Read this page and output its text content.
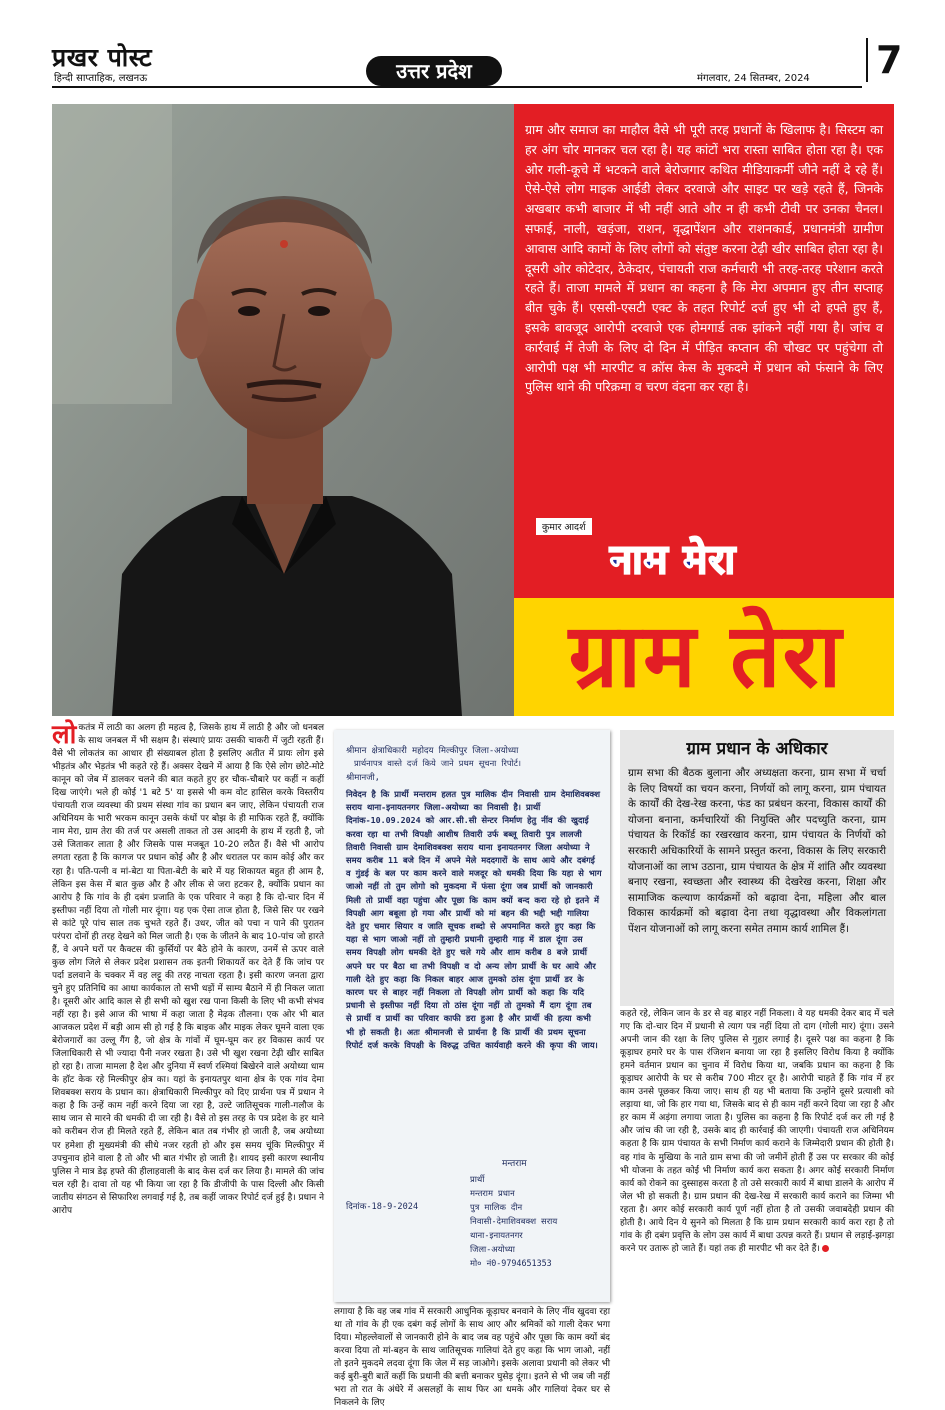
प्रखर पोस्ट
हिन्दी साप्ताहिक, लखनऊ	उत्तर प्रदेश	मंगलवार, 24 सितम्बर, 2024 7
ग्राम और समाज का माहौल वैसे भी पूरी तरह प्रधानों के खिलाफ है। सिस्टम का हर अंग चोर मानकर चल रहा है। यह कांटों भरा रास्ता साबित होता रहा है। एक ओर गली-कूचे में भटकने वाले बेरोजगार कथित मीडियाकर्मी जीने नहीं दे रहे हैं। ऐसे-ऐसे लोग माइक आईडी लेकर दरवाजे और साइट पर खड़े रहते हैं, जिनके अखबार कभी बाजार में भी नहीं आते और न ही कभी टीवी पर उनका चैनल। सफाई, नाली, खड़ंजा, राशन, वृद्धापेंशन और राशनकार्ड, प्रधानमंत्री ग्रामीण आवास आदि कामों के लिए लोगों को संतुष्ट करना टेढ़ी खीर साबित होता रहा है। दूसरी ओर कोटेदार, ठेकेदार, पंचायती राज कर्मचारी भी तरह-तरह परेशान करते रहते हैं। ताजा मामले में प्रधान का कहना है कि मेरा अपमान हुए तीन सप्ताह बीत चुके हैं। एससी-एसटी एक्ट के तहत रिपोर्ट दर्ज हुए भी दो हफ्ते हुए हैं, इसके बावजूद आरोपी दरवाजे एक होमगार्ड तक झांकने नहीं गया है। जांच व कार्रवाई में तेजी के लिए दो दिन में पीड़ित कप्तान की चौखट पर पहुंचेगा तो आरोपी पक्ष भी मारपीट व क्रॉस केस के मुकदमे में प्रधान को फंसाने के लिए पुलिस थाने की परिक्रमा व चरण वंदना कर रहा है।
कुमार आदर्श
नाम मेरा
ग्राम तेरा
लोकतंत्र में लाठी का अलग ही महत्व है, जिसके हाथ में लाठी है और जो धनबल के साथ जनबल में भी सक्षम है। संस्थाएं प्रायः उसकी चाकरी में जुटी रहती हैं। वैसे भी लोकतंत्र का आधार ही संख्याबल होता है इसलिए अतीत में प्रायः लोग इसे भीड़तंत्र और भेड़तंत्र भी कहते रहे हैं। अक्सर देखने में आया है कि ऐसे लोग छोटे-मोटे कानून को जेब में डालकर चलने की बात कहते हुए हर चौक-चौबारे पर कहीं न कहीं दिख जाएंगे। भले ही कोई '1 बटे 5' या इससे भी कम वोट हासिल करके विस्तरीय पंचायती राज व्यवस्था की प्रथम संस्था गांव का प्रधान बन जाए, लेकिन पंचायती राज अधिनियम के भारी भरकम कानून उसके कंधों पर बोझ के ही माफिक रहते हैं, क्योंकि नाम मेरा, ग्राम तेरा की तर्ज पर असली ताकत तो उस आदमी के हाथ में रहती है, जो उसे जिताकर लाता है और जिसके पास मजबूत 10-20 लठैत हैं। वैसे भी आरोप लगता रहता है कि कागज पर प्रधान कोई और है और धरातल पर काम कोई और कर रहा है। पति-पत्नी व मां-बेटा या पिता-बेटी के बारे में यह शिकायत बहुत ही आम है, लेकिन इस केस में बात कुछ और है और लीक से जरा हटकर है, क्योंकि प्रधान का आरोप है कि गांव के ही दबंग प्रजाति के एक परिवार ने कहा है कि दो-चार दिन में इस्तीफा नहीं दिया तो गोली मार दूंगा। यह एक ऐसा ताज होता है, जिसे सिर पर रखने से कांटे पूरे पांच साल तक चुभते रहते हैं। उधर, जीत को पचा न पाने की पुरातन परंपरा दोनों ही तरह देखने को मिल जाती है। एक के जीतने के बाद 10-पांच जो हारते हैं, वे अपने घरों पर कैक्टस की कुर्सियों पर बैठे होने के कारण, उनमें से ऊपर वाले कुछ लोग जिले से लेकर प्रदेश प्रशासन तक इतनी शिकायतें कर देते हैं कि जांच पर पर्दा डलवाने के चक्कर में वह लट्टू की तरह नाचता रहता है। इसी कारण जनता द्वारा चुने हुए प्रतिनिधि का आधा कार्यकाल तो सभी धड़ों में साम्य बैठाने में ही निकल जाता है। दूसरी ओर आदि काल से ही सभी को खुश रख पाना किसी के लिए भी कभी संभव नहीं रहा है। इसे आज की भाषा में कहा जाता है मेढ़क तौलना। एक ओर भी बात आजकल प्रदेश में बड़ी आम सी हो गई है कि बाइक और माइक लेकर घूमने वाला एक बेरोजगारों का उल्लू गैंग है, जो क्षेत्र के गांवों में घूम-घूम कर हर विकास कार्य पर जिलाधिकारी से भी ज्यादा पैनी नजर रखता है। उसे भी खुश रखना टेढ़ी खीर साबित हो रहा है। ताजा मामला है देश और दुनिया में स्वर्ण रश्मियां बिखेरने वाले अयोध्या धाम के हॉट केक रहे मिल्कीपुर क्षेत्र का। यहां के इनायतपुर थाना क्षेत्र के एक गांव देमा शिवबक्श सराय के प्रधान का। क्षेत्राधिकारी मिल्कीपुर को दिए प्रार्थना पत्र में प्रधान ने कहा है कि उन्हें काम नहीं करने दिया जा रहा है, उल्टे जातिसूचक गाली-गलौज के साथ जान से मारने की धमकी दी जा रही है। वैसे तो इस तरह के पत्र प्रदेश के हर थाने को करीबन रोज ही मिलते रहते हैं, लेकिन बात तब गंभीर हो जाती है, जब अयोध्या पर हमेशा ही मुख्यमंत्री की सीधे नजर रहती हो और इस समय चूंकि मिल्कीपुर में उपचुनाव होने वाला है तो और भी बात गंभीर हो जाती है। शायद इसी कारण स्थानीय पुलिस ने मात्र डेढ़ हफ्ते की हीलाहवाली के बाद केस दर्ज कर लिया है। मामले की जांच चल रही है। दावा तो यह भी किया जा रहा है कि डीजीपी के पास दिल्ली और किसी जातीय संगठन से सिफारिश लगवाई गई है, तब कहीं जाकर रिपोर्ट दर्ज हुई है। प्रधान ने आरोप
श्रीमान क्षेत्राधिकारी महोदय मिल्कीपुर जिला-अयोध्या
प्रार्थनापत्र वास्ते दर्ज किये जाने प्रथम सूचना रिपोर्ट।
श्रीमानजी,
निवेदन है कि प्रार्थी मन्तराम हलत पुत्र मालिक दीन निवासी ग्राम देमाशिवबक्श सराय थाना-इनायतनगर जिला-अयोध्या का निवासी है। प्रार्थी दिनांक-10.09.2024 को आर.सी.सी सेन्टर निर्माण हेतु नींव की खुदाई करवा रहा था तभी विपक्षी आशीष तिवारी उर्फ बब्लू तिवारी पुत्र लालजी तिवारी निवासी ग्राम देमाशिवबक्श सराय थाना इनायतनगर जिला अयोध्या ने समय करीब 11 बजे दिन में अपने मेले मददगारों के साथ आये और दबंगई व गुंडई के बल पर काम करने वाले मजदूर को धमकी दिया कि यहा से भाग जाओ नहीं तो तुम लोगो को मुकदमा में फंसा दूंगा जब प्रार्थी को जानकारी मिली तो प्रार्थी वहा पहुंचा और पूछा कि काम क्यों बन्द करा रहे हो इतने में विपक्षी आग बबूला हो गया और प्रार्थी को मां बहन की भद्दी भद्दी गालिया देते हुए चमार सियार व जाति सूचक शब्दो से अपमानित करते हुए कहा कि यहा से भाग जाओ नहीं तो तुम्हारी प्रधानी तुम्हारी गाड़ में डाल दूंगा उस समय विपक्षी लोग धमकी देते हुए चले गये और शाम करीब 8 बजे प्रार्थी अपने घर पर बैठा था तभी विपक्षी व दो अन्य लोग प्रार्थी के घर आये और गाली देते हुए कहा कि निकल बाहर आज तुमको ठांस दूंगा प्रार्थी डर के कारण घर से बाहर नहीं निकला तो विपक्षी लोग प्रार्थी को कहा कि यदि प्रधानी से इस्तीफा नहीं दिया तो ठांस दूंगा नहीं तो तुमको मैं दाग दूंगा तब से प्रार्थी व प्रार्थी का परिवार काफी डरा हुआ है और प्रार्थी की हत्या कभी भी हो सकती है। अतः श्रीमानजी से प्रार्थना है कि प्रार्थी की प्रथम सूचना रिपोर्ट दर्ज करके विपक्षी के विरुद्ध उचित कार्यवाही करने की कृपा की जाय।
मन्तराम
दिनांक-18-9-2024
प्रार्थी
मन्तराम प्रधान
पुत्र मालिक दीन
निवासी-देमाशिवबक्श सराय
थाना-इनायतनगर
जिला-अयोध्या
मो० नं0-9794651353
लगाया है कि वह जब गांव में सरकारी आधुनिक कूड़ाघर बनवाने के लिए नींव खुदवा रहा था तो गांव के ही एक दबंग कई लोगों के साथ आए और श्रमिकों को गाली देकर भगा दिया। मोहल्लेवालों से जानकारी होने के बाद जब वह पहुंचे और पूछा कि काम क्यों बंद करवा दिया तो मां-बहन के साथ जातिसूचक गालियां देते हुए कहा कि भाग जाओ, नहीं तो इतने मुकदमे लदवा दूंगा कि जेल में सड़ जाओगे। इसके अलावा प्रधानी को लेकर भी कई बुरी-बुरी बातें कहीं कि प्रधानी की बत्ती बनाकर घुसेड़ दूंगा। इतने से भी जब जी नहीं भरा तो रात के अंधेरे में असलहों के साथ फिर आ धमके और गालियां देकर घर से निकलने के लिए
ग्राम प्रधान के अधिकार
ग्राम सभा की बैठक बुलाना और अध्यक्षता करना, ग्राम सभा में चर्चा के लिए विषयों का चयन करना, निर्णयों को लागू करना, ग्राम पंचायत के कार्यों की देख-रेख करना, फंड का प्रबंधन करना, विकास कार्यों की योजना बनाना, कर्मचारियों की नियुक्ति और पदच्युति करना, ग्राम पंचायत के रिकॉर्ड का रखरखाव करना, ग्राम पंचायत के निर्णयों को सरकारी अधिकारियों के सामने प्रस्तुत करना, विकास के लिए सरकारी योजनाओं का लाभ उठाना, ग्राम पंचायत के क्षेत्र में शांति और व्यवस्था बनाए रखना, स्वच्छता और स्वास्थ्य की देखरेख करना, शिक्षा और सामाजिक कल्याण कार्यक्रमों को बढ़ावा देना, महिला और बाल विकास कार्यक्रमों को बढ़ावा देना तथा वृद्धावस्था और विकलांगता पेंशन योजनाओं को लागू करना समेत तमाम कार्य शामिल हैं।
कहते रहे, लेकिन जान के डर से वह बाहर नहीं निकला। वे यह धमकी देकर बाद में चले गए कि दो-चार दिन में प्रधानी से त्याग पत्र नहीं दिया तो दाग (गोली मार) दूंगा। उसने अपनी जान की रक्षा के लिए पुलिस से गुहार लगाई है। दूसरे पक्ष का कहना है कि कूड़ाघर हमारे घर के पास रंजिशन बनाया जा रहा है इसलिए विरोध किया है क्योंकि हमने वर्तमान प्रधान का चुनाव में विरोध किया था, जबकि प्रधान का कहना है कि कूड़ाघर आरोपी के घर से करीब 700 मीटर दूर है। आरोपी चाहते हैं कि गांव में हर काम उनसे पूछकर किया जाए। साथ ही यह भी बताया कि उन्होंने दूसरे प्रत्याशी को लड़ाया था, जो कि हार गया था, जिसके बाद से ही काम नहीं करने दिया जा रहा है और हर काम में अड़ंगा लगाया जाता है। पुलिस का कहना है कि रिपोर्ट दर्ज कर ली गई है और जांच की जा रही है, उसके बाद ही कार्रवाई की जाएगी। पंचायती राज अधिनियम कहता है कि ग्राम पंचायत के सभी निर्माण कार्य कराने के जिम्मेदारी प्रधान की होती है। वह गांव के मुखिया के नाते ग्राम सभा की जो जमीनें होती हैं उस पर सरकार की कोई भी योजना के तहत कोई भी निर्माण कार्य करा सकता है। अगर कोई सरकारी निर्माण कार्य को रोकने का दुस्साहस करता है तो उसे सरकारी कार्य में बाधा डालने के आरोप में जेल भी हो सकती है। ग्राम प्रधान की देख-रेख में सरकारी कार्य कराने का जिम्मा भी रहता है। अगर कोई सरकारी कार्य पूर्ण नहीं होता है तो उसकी जवाबदेही प्रधान की होती है। आये दिन ये सुनने को मिलता है कि ग्राम प्रधान सरकारी कार्य करा रहा है तो गांव के ही दबंग प्रवृत्ति के लोग उस कार्य में बाधा उत्पन्न करते हैं। प्रधान से लड़ाई-झगड़ा करने पर उतारू हो जाते हैं। यहां तक ही मारपीट भी कर देते हैं।
